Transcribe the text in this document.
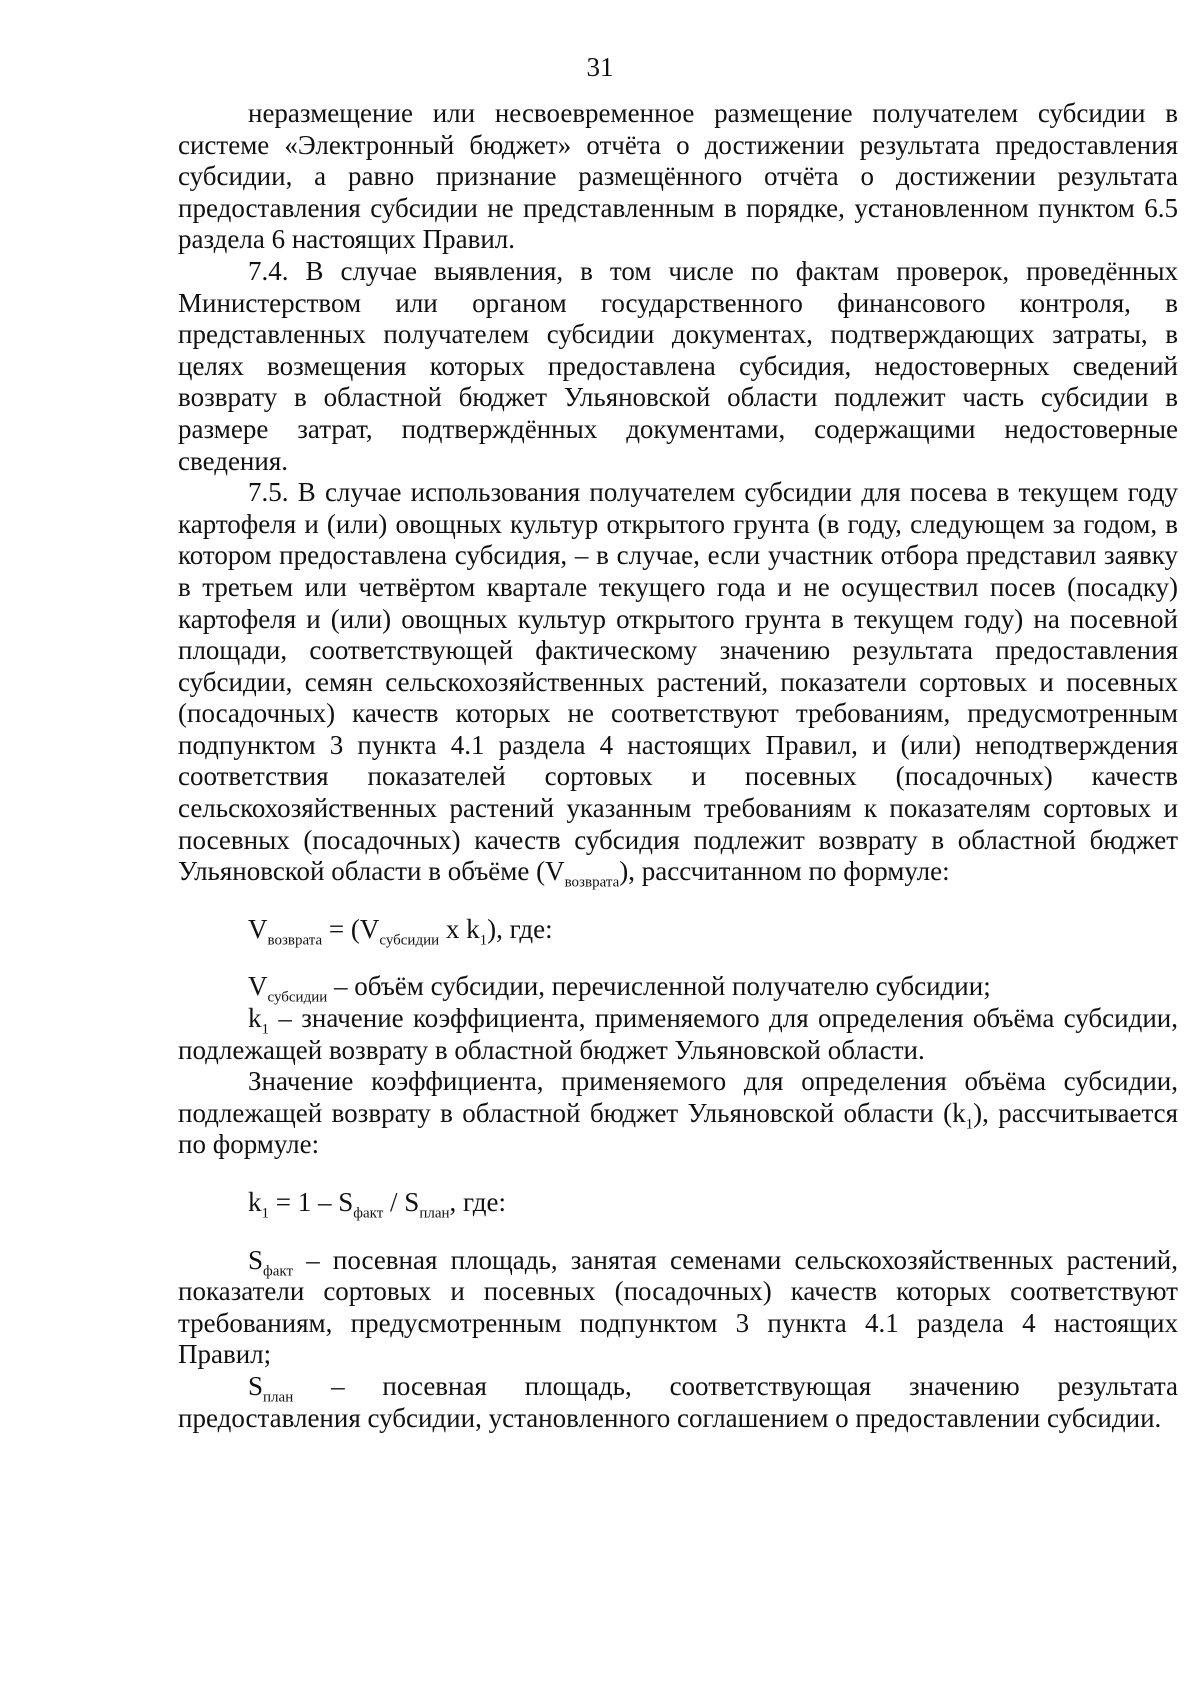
31

неразмещение или несвоевременное размещение получателем субсидии в системе «Электронный бюджет» отчёта о достижении результата предоставления субсидии, а равно признание размещённого отчёта о достижении результата предоставления субсидии не представленным в порядке, установленном пунктом 6.5 раздела 6 настоящих Правил.

7.4. В случае выявления, в том числе по фактам проверок, проведённых Министерством или органом государственного финансового контроля, в представленных получателем субсидии документах, подтверждающих затраты, в целях возмещения которых предоставлена субсидия, недостоверных сведений возврату в областной бюджет Ульяновской области подлежит часть субсидии в размере затрат, подтверждённых документами, содержащими недостоверные сведения.

7.5. В случае использования получателем субсидии для посева в текущем году картофеля и (или) овощных культур открытого грунта (в году, следующем за годом, в котором предоставлена субсидия, – в случае, если участник отбора представил заявку в третьем или четвёртом квартале текущего года и не осуществил посев (посадку) картофеля и (или) овощных культур открытого грунта в текущем году) на посевной площади, соответствующей фактическому значению результата предоставления субсидии, семян сельскохозяйственных растений, показатели сортовых и посевных (посадочных) качеств которых не соответствуют требованиям, предусмотренным подпунктом 3 пункта 4.1 раздела 4 настоящих Правил, и (или) неподтверждения соответствия показателей сортовых и посевных (посадочных) качеств сельскохозяйственных растений указанным требованиям к показателям сортовых и посевных (посадочных) качеств субсидия подлежит возврату в областной бюджет Ульяновской области в объёме $(V_{возврата})$, рассчитанном по формуле:

$V_{возврата} = (V_{субсидии}$ x $k_1$), где:

$V_{субсидии}$ – объём субсидии, перечисленной получателю субсидии;

$k_1$ – значение коэффициента, применяемого для определения объёма субсидии, подлежащей возврату в областной бюджет Ульяновской области.

Значение коэффициента, применяемого для определения объёма субсидии, подлежащей возврату в областной бюджет Ульяновской области $(k_1)$, рассчитывается по формуле:

$k_1 = 1 - S_{факт} / S_{план}$, где:

$S_{факт}$ – посевная площадь, занятая семенами сельскохозяйственных растений, показатели сортовых и посевных (посадочных) качеств которых соответствуют требованиям, предусмотренным подпунктом 3 пункта 4.1 раздела 4 настоящих Правил;

$S_{план}$ – посевная площадь, соответствующая значению результата предоставления субсидии, установленного соглашением о предоставлении субсидии.
